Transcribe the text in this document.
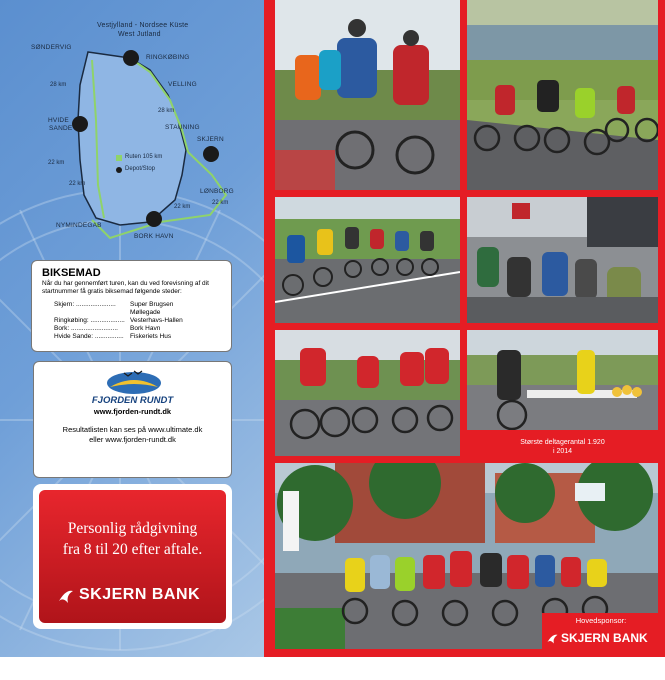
Vestjylland - Nordsee Küste
West Jutland
SØNDERVIG
RINGKØBING
28 km	VELLING
28 km
HVIDE
SANDE	STAUNING
SKJERN
Ruten 105 km
22 km
Depot/Stop
LØNBORG
22 km
22 km
22 km
NYMINDEGAB
BORK HAVN
BIKSEMAD
Når du har gennemført turen, kan du ved forevisning af dit startnummer få gratis biksemad følgende steder:
Skjern: ...................... Super Brugsen
Møllegade
Ringkøbing: ................... Vesterhavs-Hallen
Bork: .......................... Bork Havn
Hvide Sande: ................ Fiskeriets Hus
FJORDEN RUNDT
www.fjorden-rundt.dk
Resultatlisten kan ses på www.ultimate.dk
eller www.fjorden-rundt.dk
Personlig rådgivning
fra 8 til 20 efter aftale.
SKJERN BANK
Største deltagerantal 1.920
i 2014
Hovedsponsor:
SKJERN BANK
